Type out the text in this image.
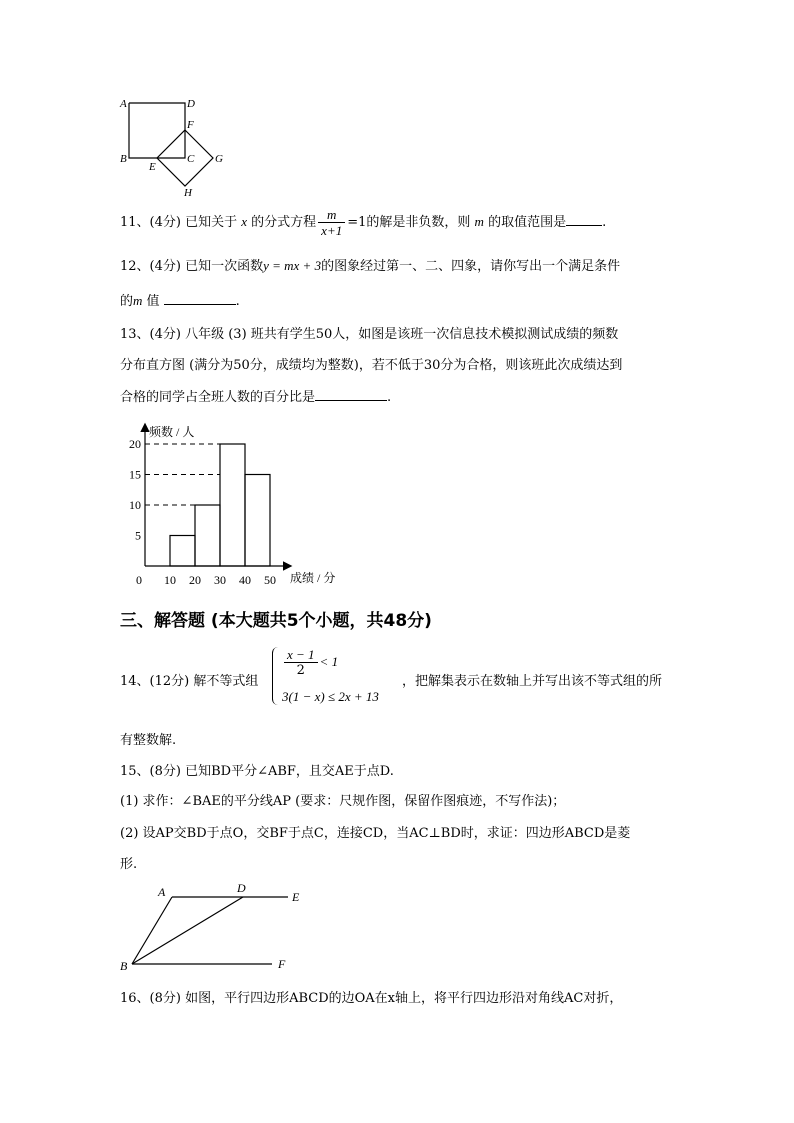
A	D
F
B
E
C G
H
11、(4分) 已知关于 x 的分式方程 $\frac{m}{x+1} =1$的解是非负数，则 m 的取值范围是	.
12、(4分) 已知一次函数y = mx + 3的图象经过第一、二、四象，请你写出一个满足条件
的m 值	.
13、(4分) 八年级 (3) 班共有学生50人，如图是该班一次信息技术模拟测试成绩的频数
分布直方图 (满分为50分，成绩均为整数)，若不低于30分为合格，则该班此次成绩达到
合格的同学占全班人数的百分比是	.
频数 / 人
成绩 / 分
0 10 20 30 40 50
5
10
15
20
三、解答题 (本大题共5个小题，共48分)
14、(12分) 解不等式组
$\frac{x - 1}{2} < 1$
3(1 − x) ≤ 2x + 13
，把解集表示在数轴上并写出该不等式组的所
有整数解.
15、(8分) 已知BD平分∠ABF，且交AE于点D.
(1) 求作：∠BAE的平分线AP (要求：尺规作图，保留作图痕迹，不写作法)；
(2) 设AP交BD于点O，交BF于点C，连接CD，当AC⊥BD时，求证：四边形ABCD是菱
形.
A	D
E
B	F
16、(8分) 如图，平行四边形ABCD的边OA在x轴上，将平行四边形沿对角线AC对折，
